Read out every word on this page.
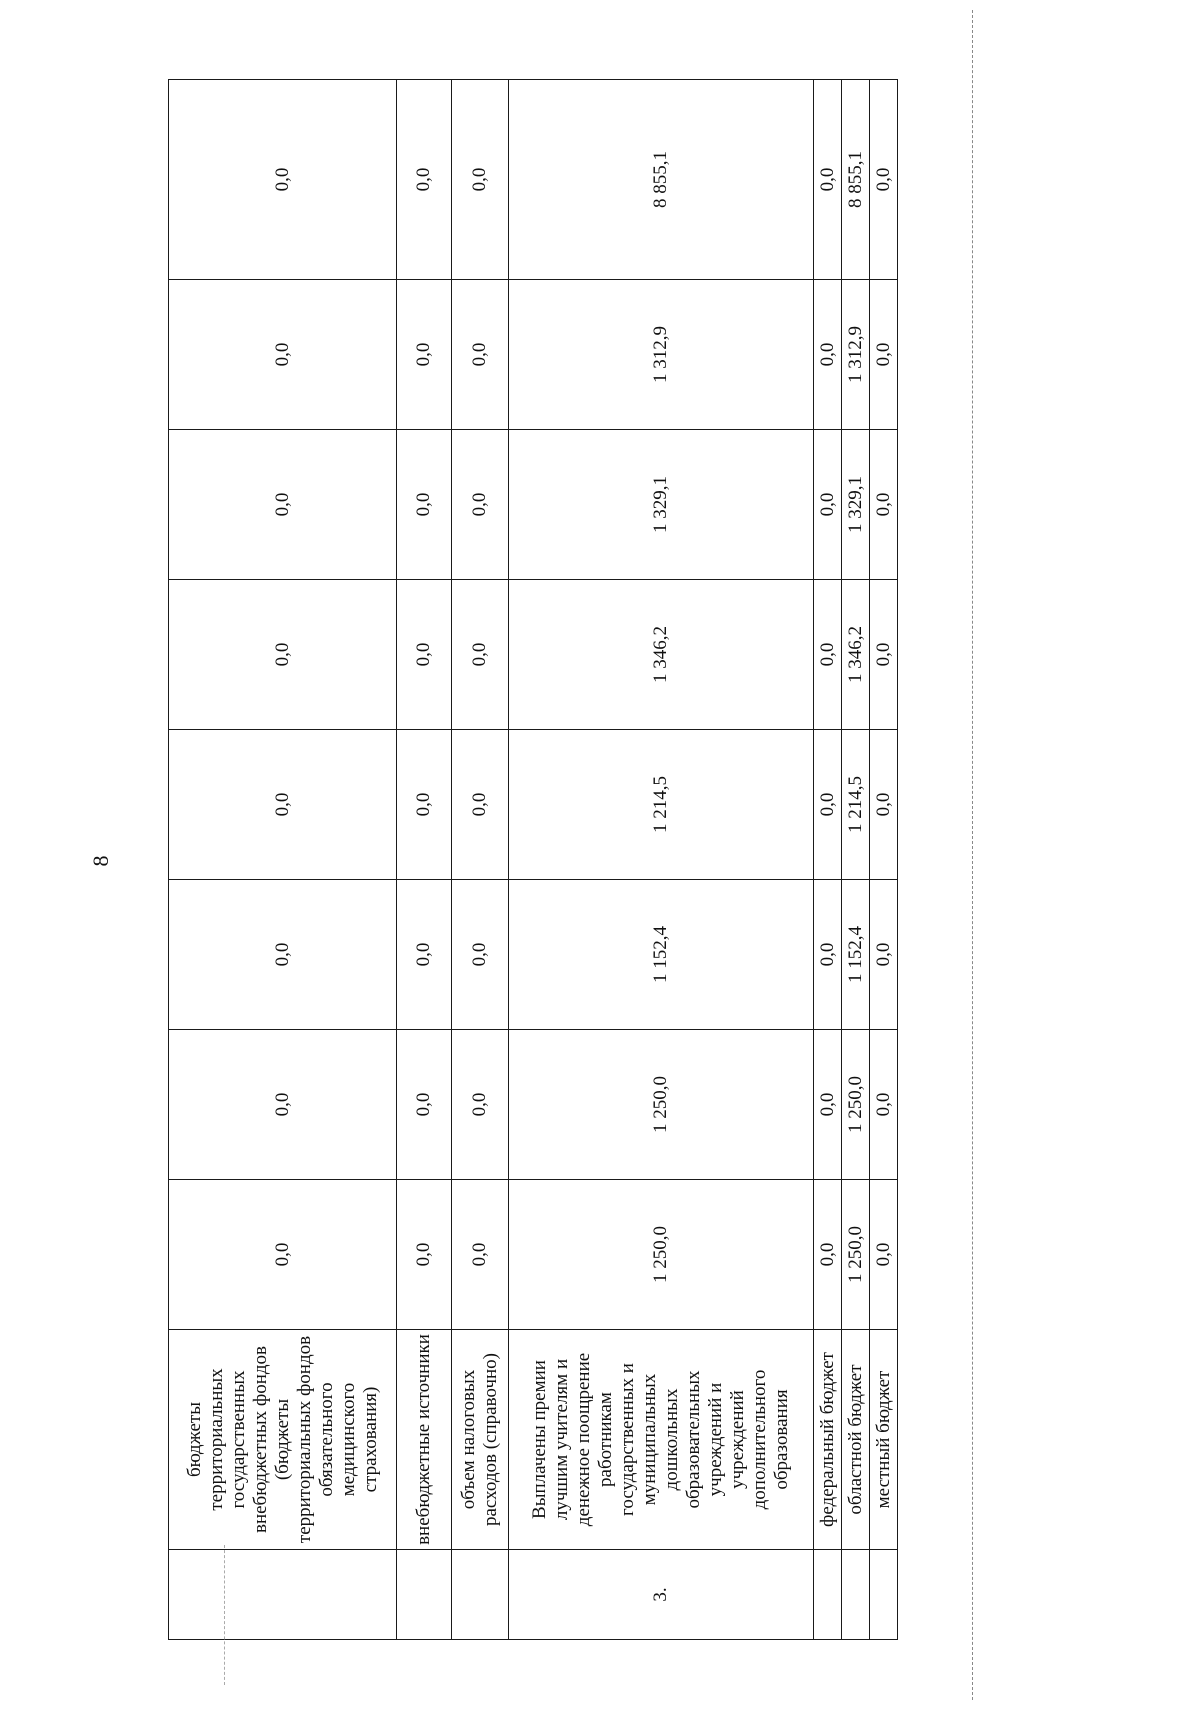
8
	бюджеты территориальных государственных внебюджетных фондов (бюджеты территориальных фондов обязательного медицинского страхования)	0,0	0,0	0,0	0,0	0,0	0,0	0,0	0,0
	внебюджетные источники	0,0	0,0	0,0	0,0	0,0	0,0	0,0	0,0
	объем налоговых расходов (справочно)	0,0	0,0	0,0	0,0	0,0	0,0	0,0	0,0
3.	Выплачены премии лучшим учителям и денежное поощрение работникам государственных и муниципальных дошкольных образовательных учреждений и учреждений дополнительного образования	1 250,0	1 250,0	1 152,4	1 214,5	1 346,2	1 329,1	1 312,9	8 855,1
	федеральный бюджет	0,0	0,0	0,0	0,0	0,0	0,0	0,0	0,0
	областной бюджет	1 250,0	1 250,0	1 152,4	1 214,5	1 346,2	1 329,1	1 312,9	8 855,1
	местный бюджет	0,0	0,0	0,0	0,0	0,0	0,0	0,0	0,0
